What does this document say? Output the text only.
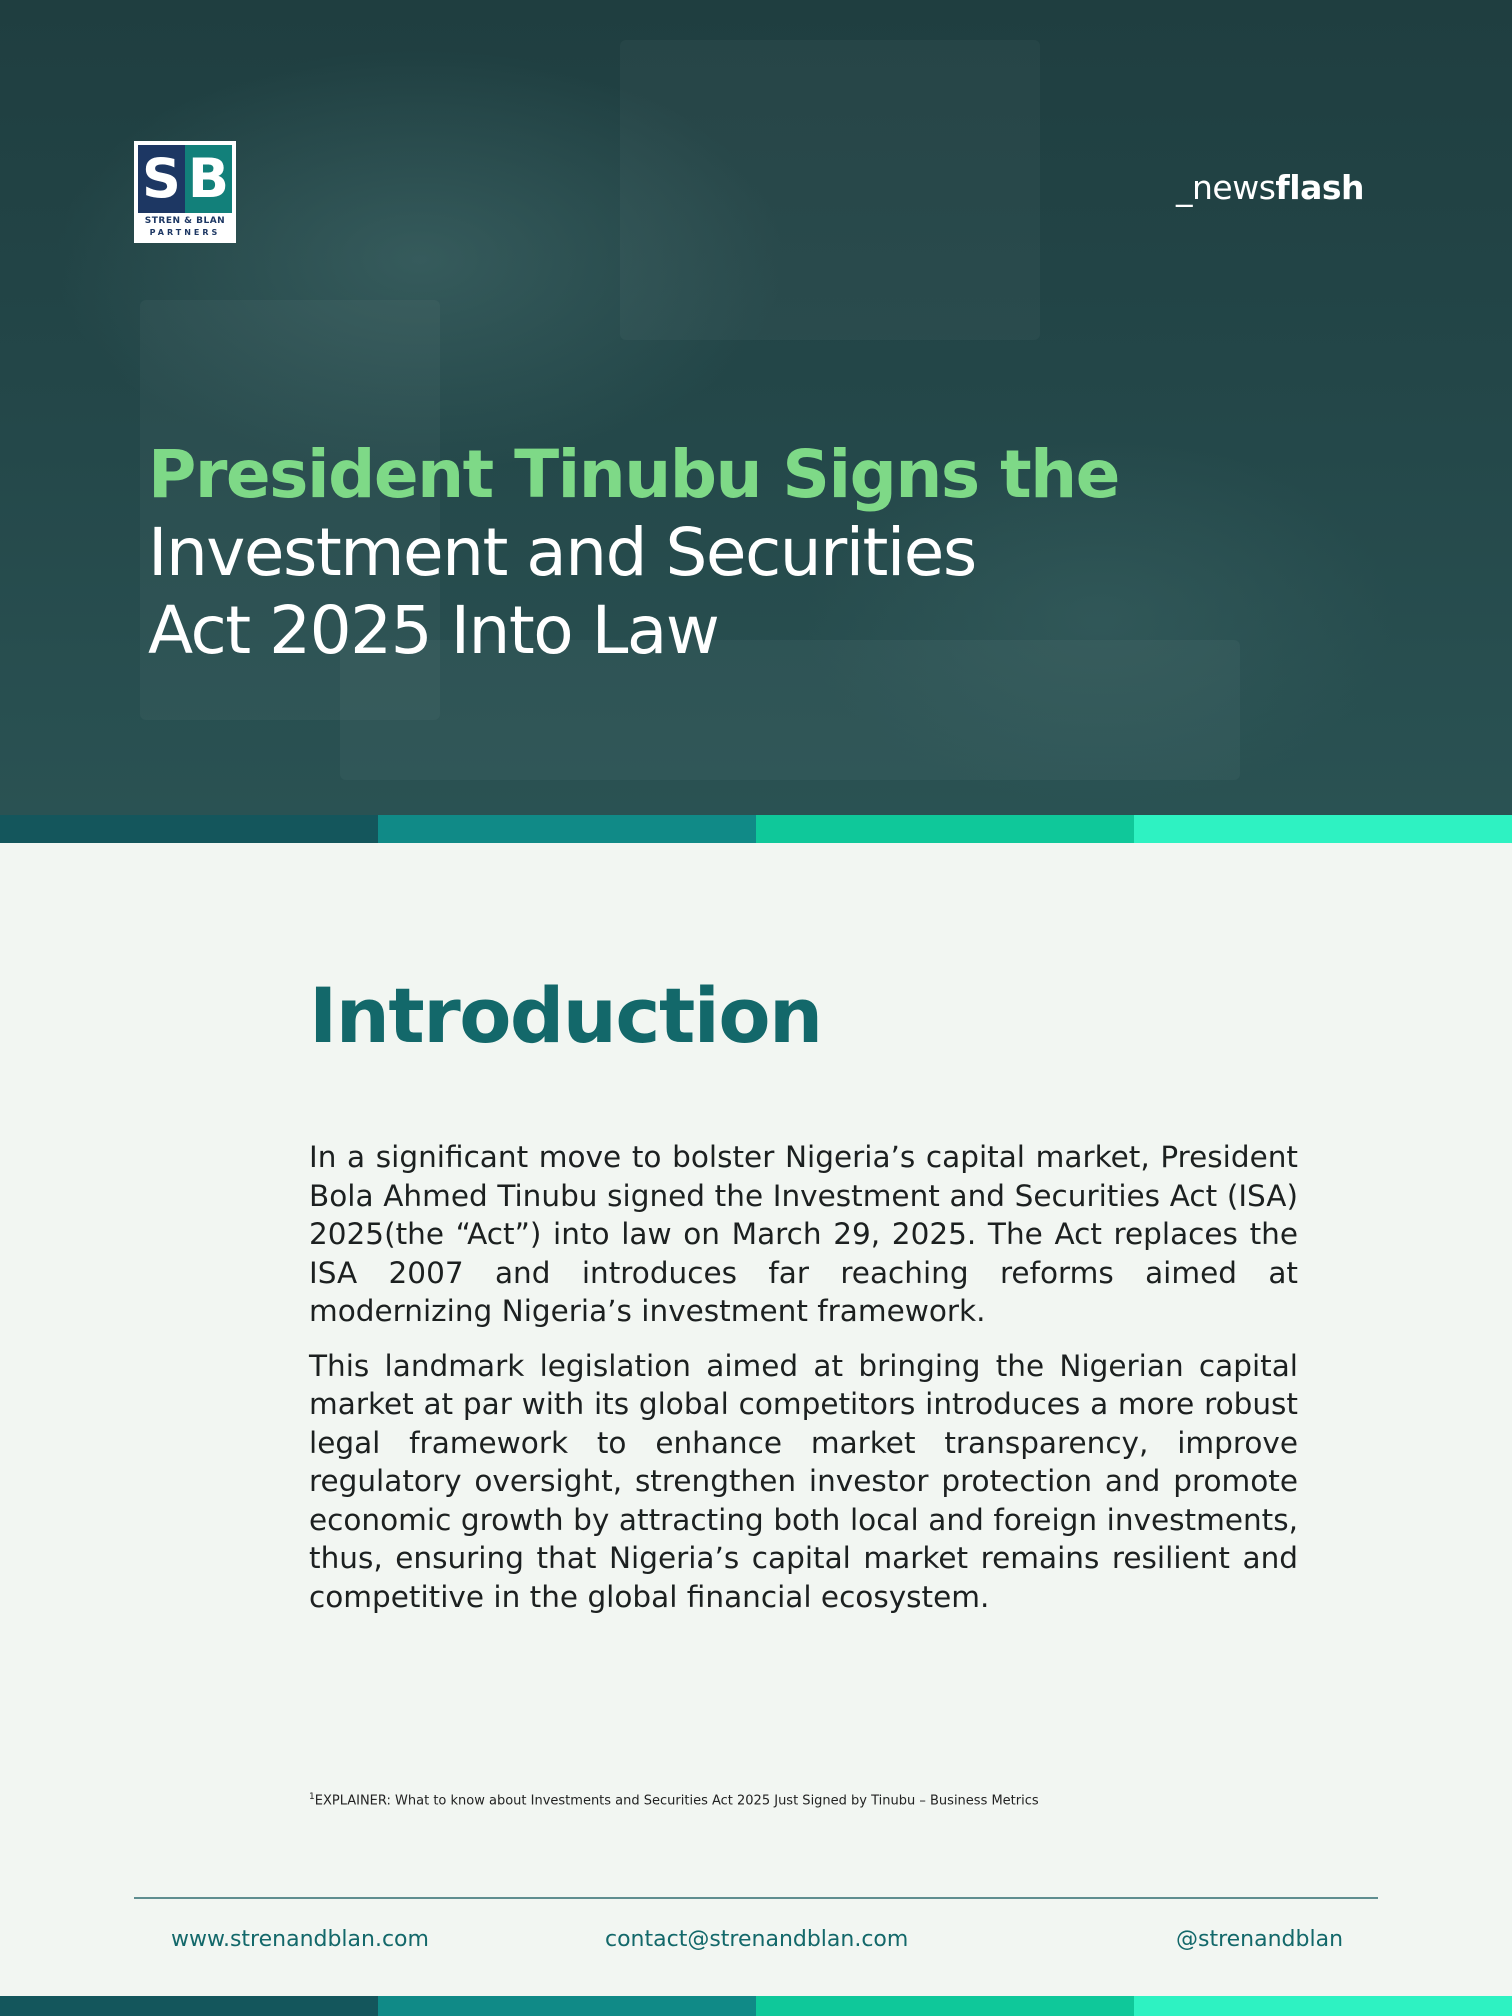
S B
STREN & BLAN
PARTNERS
_newsflash
President Tinubu Signs the
Investment and Securities
Act 2025 Into Law
Introduction

In a significant move to bolster Nigeria’s capital market, President Bola Ahmed Tinubu signed the Investment and Securities Act (ISA) 2025(the “Act”) into law on March 29, 2025. The Act replaces the ISA 2007 and introduces far reaching reforms aimed at modernizing Nigeria’s investment framework.

This landmark legislation aimed at bringing the Nigerian capital market at par with its global competitors introduces a more robust legal framework to enhance market transparency, improve regulatory oversight, strengthen investor protection and promote economic growth by attracting both local and foreign investments, thus, ensuring that Nigeria’s capital market remains resilient and competitive in the global financial ecosystem.

$^1$EXPLAINER: What to know about Investments and Securities Act 2025 Just Signed by Tinubu – Business Metrics
www.strenandblan.com	contact@strenandblan.com	@strenandblan
